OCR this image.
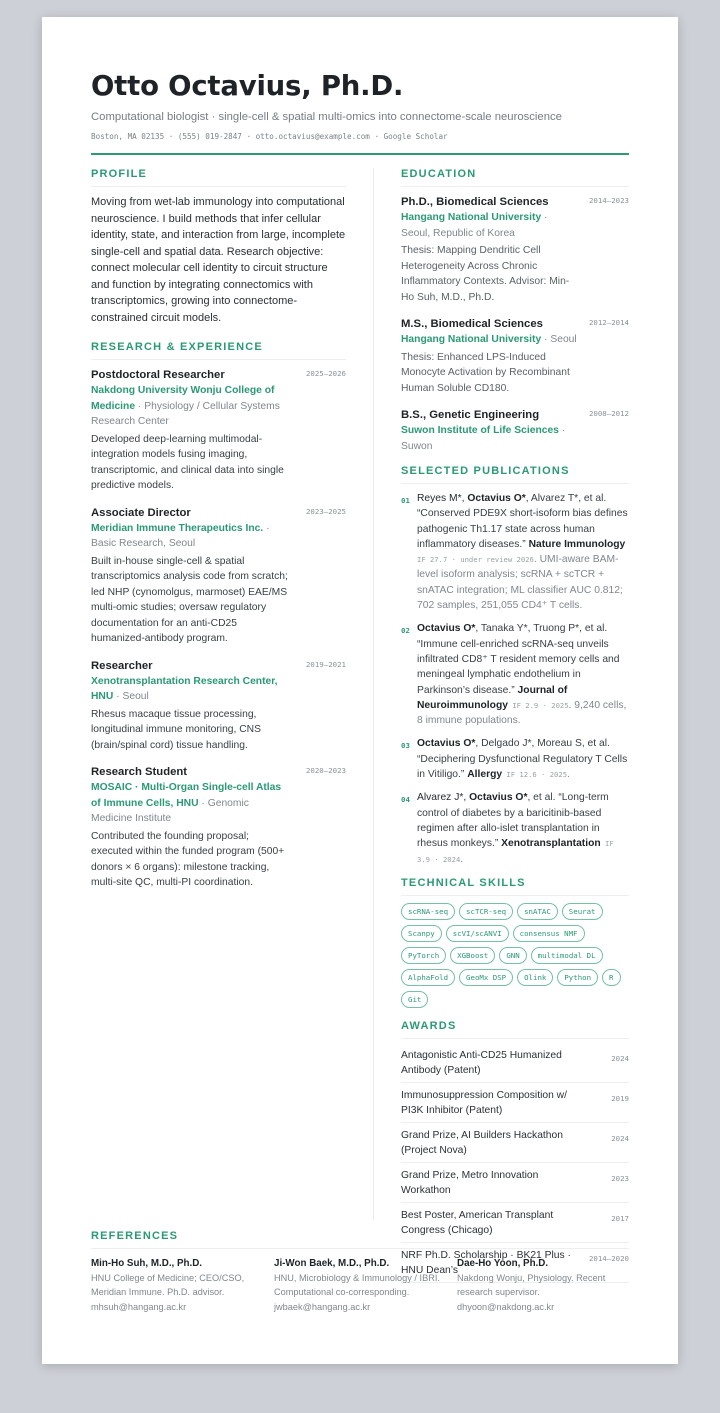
Otto Octavius, Ph.D.
Computational biologist · single-cell & spatial multi-omics into connectome-scale neuroscience
Boston, MA 02135 · (555) 019-2847 · otto.octavius@example.com · Google Scholar
PROFILE
Moving from wet-lab immunology into computational neuroscience. I build methods that infer cellular identity, state, and interaction from large, incomplete single-cell and spatial data. Research objective: connect molecular cell identity to circuit structure and function by integrating connectomics with transcriptomics, growing into connectome-constrained circuit models.
RESEARCH & EXPERIENCE
Postdoctoral Researcher	2025–2026
Nakdong University Wonju College of Medicine · Physiology / Cellular Systems Research Center
Developed deep-learning multimodal-integration models fusing imaging, transcriptomic, and clinical data into single predictive models.
Associate Director	2023–2025
Meridian Immune Therapeutics Inc. · Basic Research, Seoul
Built in-house single-cell & spatial transcriptomics analysis code from scratch; led NHP (cynomolgus, marmoset) EAE/MS multi-omic studies; oversaw regulatory documentation for an anti-CD25 humanized-antibody program.
Researcher	2019–2021
Xenotransplantation Research Center, HNU · Seoul
Rhesus macaque tissue processing, longitudinal immune monitoring, CNS (brain/spinal cord) tissue handling.
Research Student	2020–2023
MOSAIC · Multi-Organ Single-cell Atlas of Immune Cells, HNU · Genomic Medicine Institute
Contributed the founding proposal; executed within the funded program (500+ donors × 6 organs): milestone tracking, multi-site QC, multi-PI coordination.
EDUCATION
Ph.D., Biomedical Sciences	2014–2023
Hangang National University · Seoul, Republic of Korea
Thesis: Mapping Dendritic Cell Heterogeneity Across Chronic Inflammatory Contexts. Advisor: Min-Ho Suh, M.D., Ph.D.
M.S., Biomedical Sciences	2012–2014
Hangang National University · Seoul
Thesis: Enhanced LPS-Induced Monocyte Activation by Recombinant Human Soluble CD180.
B.S., Genetic Engineering	2008–2012
Suwon Institute of Life Sciences · Suwon
SELECTED PUBLICATIONS
01 Reyes M*, Octavius O*, Alvarez T*, et al. “Conserved PDE9X short-isoform bias defines pathogenic Th1.17 state across human inflammatory diseases.” Nature Immunology IF 27.7 · under review 2026. UMI-aware BAM-level isoform analysis; scRNA + scTCR + snATAC integration; ML classifier AUC 0.812; 702 samples, 251,055 CD4⁺ T cells.
02 Octavius O*, Tanaka Y*, Truong P*, et al. “Immune cell-enriched scRNA-seq unveils infiltrated CD8⁺ T resident memory cells and meningeal lymphatic endothelium in Parkinson’s disease.” Journal of Neuroimmunology IF 2.9 · 2025. 9,240 cells, 8 immune populations.
03 Octavius O*, Delgado J*, Moreau S, et al. “Deciphering Dysfunctional Regulatory T Cells in Vitiligo.” Allergy IF 12.6 · 2025.
04 Alvarez J*, Octavius O*, et al. “Long-term control of diabetes by a baricitinib-based regimen after allo-islet transplantation in rhesus monkeys.” Xenotransplantation IF 3.9 · 2024.
TECHNICAL SKILLS
scRNA-seq	scTCR-seq	snATAC	Seurat
Scanpy	scVI/scANVI	consensus NMF
PyTorch	XGBoost	GNN	multimodal DL
AlphaFold	GeoMx DSP	Olink	Python	R
Git
AWARDS
Antagonistic Anti-CD25 Humanized Antibody (Patent)
2024
Immunosuppression Composition w/ PI3K Inhibitor (Patent)
2019
Grand Prize, AI Builders Hackathon (Project Nova)
2024
Grand Prize, Metro Innovation Workathon
2023
Best Poster, American Transplant Congress (Chicago)
2017
NRF Ph.D. Scholarship · BK21 Plus · HNU Dean’s
2014–2020
REFERENCES
Min-Ho Suh, M.D., Ph.D.
HNU College of Medicine; CEO/CSO, Meridian Immune. Ph.D. advisor.
mhsuh@hangang.ac.kr
Ji-Won Baek, M.D., Ph.D.
HNU, Microbiology & Immunology / IBRI. Computational co-corresponding.
jwbaek@hangang.ac.kr
Dae-Ho Yoon, Ph.D.
Nakdong Wonju, Physiology. Recent research supervisor.
dhyoon@nakdong.ac.kr
